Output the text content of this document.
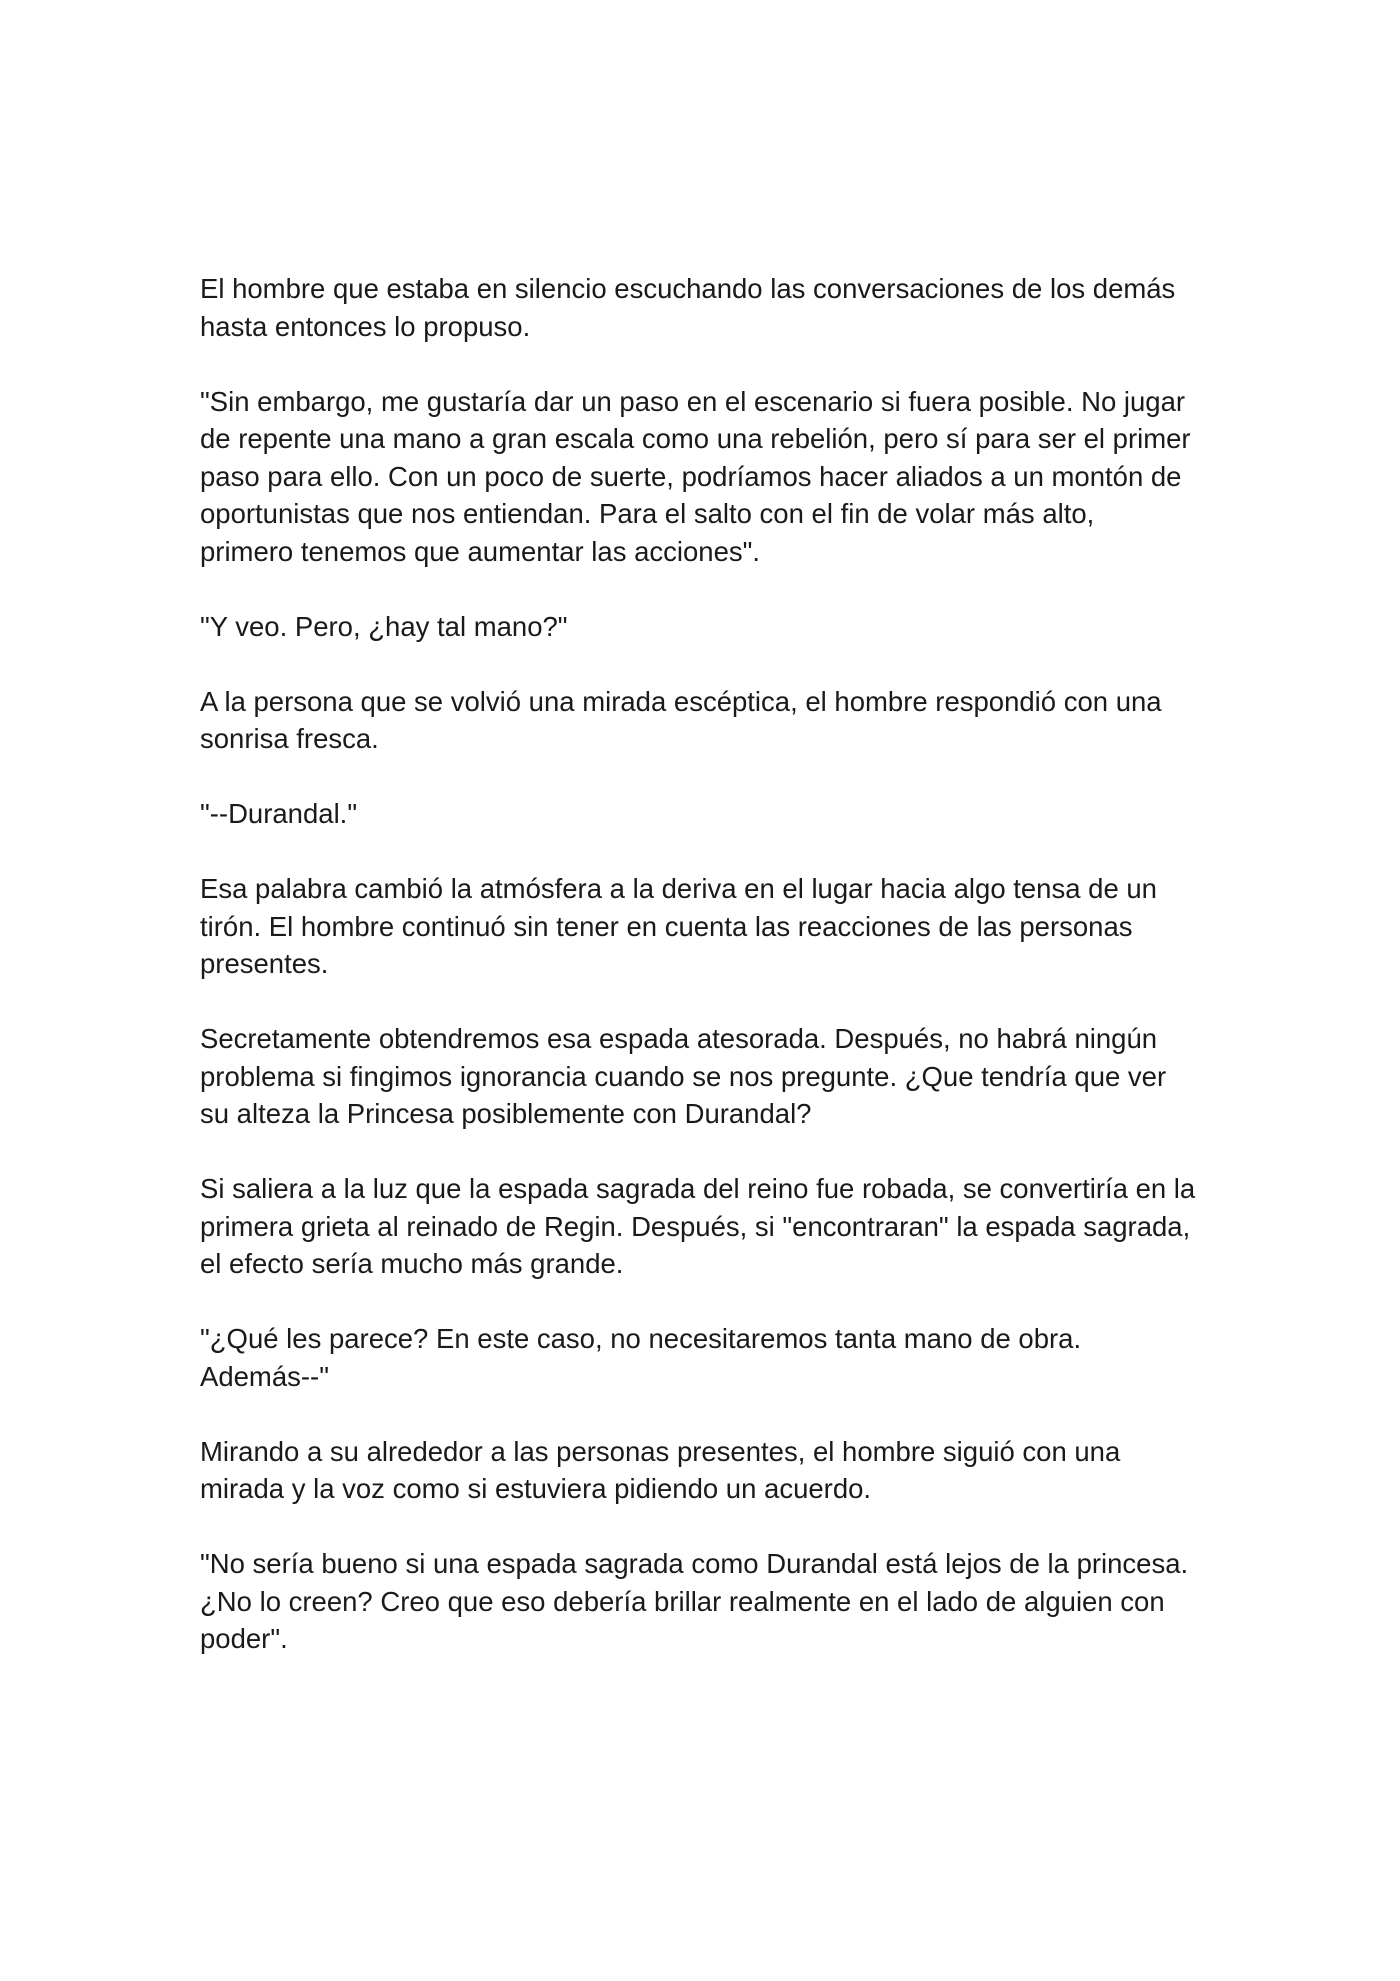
El hombre que estaba en silencio escuchando las conversaciones de los demás
hasta entonces lo propuso.

"Sin embargo, me gustaría dar un paso en el escenario si fuera posible. No jugar
de repente una mano a gran escala como una rebelión, pero sí para ser el primer
paso para ello. Con un poco de suerte, podríamos hacer aliados a un montón de
oportunistas que nos entiendan. Para el salto con el fin de volar más alto,
primero tenemos que aumentar las acciones".

"Y veo. Pero, ¿hay tal mano?"

A la persona que se volvió una mirada escéptica, el hombre respondió con una
sonrisa fresca.

"--Durandal."

Esa palabra cambió la atmósfera a la deriva en el lugar hacia algo tensa de un
tirón. El hombre continuó sin tener en cuenta las reacciones de las personas
presentes.

Secretamente obtendremos esa espada atesorada. Después, no habrá ningún
problema si fingimos ignorancia cuando se nos pregunte. ¿Que tendría que ver
su alteza la Princesa posiblemente con Durandal?

Si saliera a la luz que la espada sagrada del reino fue robada, se convertiría en la
primera grieta al reinado de Regin. Después, si "encontraran" la espada sagrada,
el efecto sería mucho más grande.

"¿Qué les parece? En este caso, no necesitaremos tanta mano de obra.
Además--"

Mirando a su alrededor a las personas presentes, el hombre siguió con una
mirada y la voz como si estuviera pidiendo un acuerdo.

"No sería bueno si una espada sagrada como Durandal está lejos de la princesa.
¿No lo creen? Creo que eso debería brillar realmente en el lado de alguien con
poder".
